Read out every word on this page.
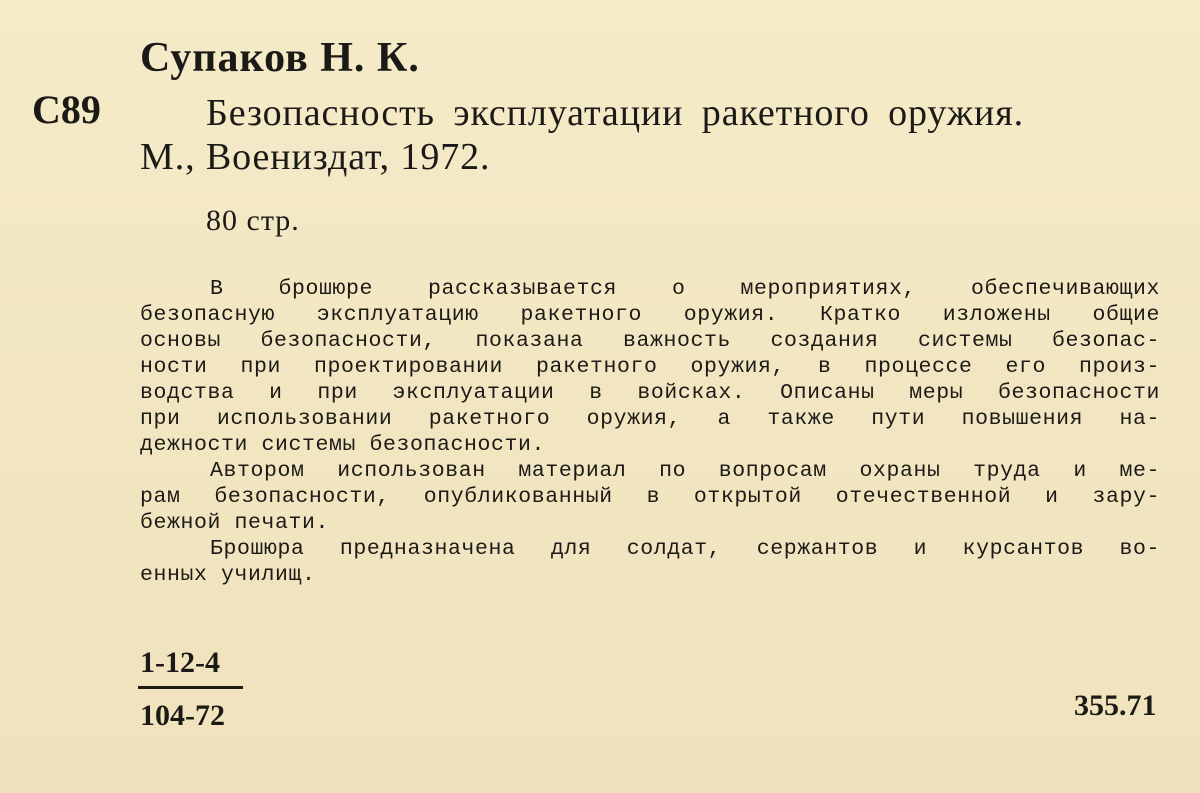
Супаков Н. К.
С89	Безопасность эксплуатации ракетного оружия.
М., Воениздат, 1972.
80 стр.
В брошюре рассказывается о мероприятиях, обеспечивающих
безопасную эксплуатацию ракетного оружия. Кратко изложены общие
основы безопасности, показана важность создания системы безопас-
ности при проектировании ракетного оружия, в процессе его произ-
водства и при эксплуатации в войсках. Описаны меры безопасности
при использовании ракетного оружия, а также пути повышения на-
дежности системы безопасности.
Автором использован материал по вопросам охраны труда и ме-
рам безопасности, опубликованный в открытой отечественной и зару-
бежной печати.
Брошюра предназначена для солдат, сержантов и курсантов во-
енных училищ.
1-12-4
104-72	355.71
